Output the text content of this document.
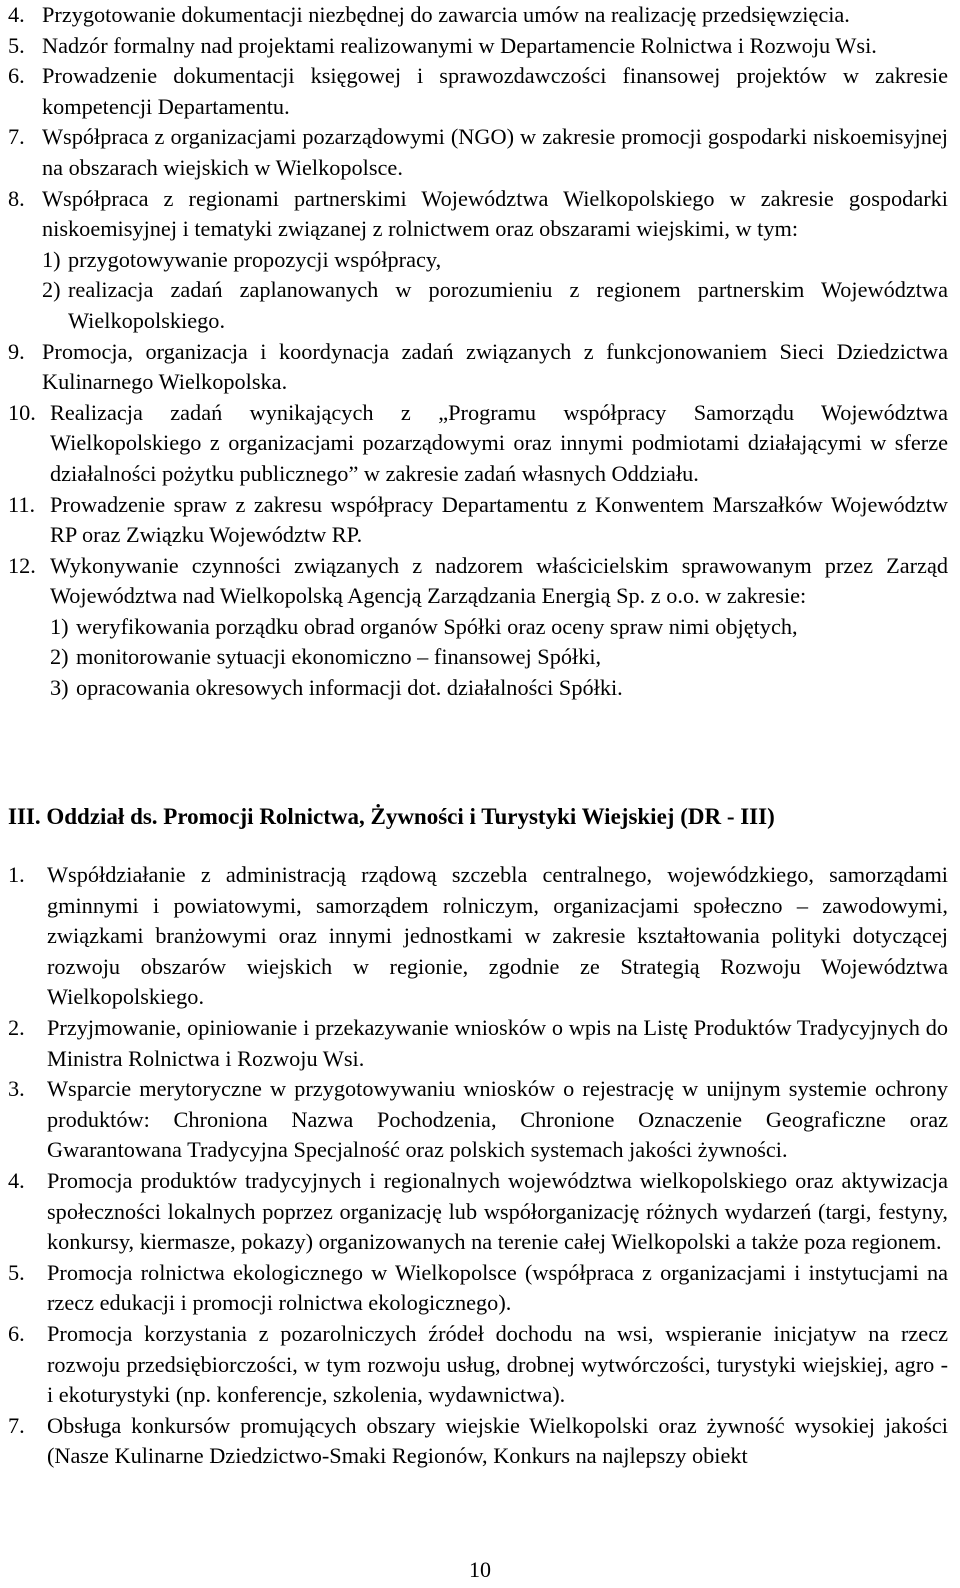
4. Przygotowanie dokumentacji niezbędnej do zawarcia umów na realizację przedsięwzięcia.
5. Nadzór formalny nad projektami realizowanymi w Departamencie Rolnictwa i Rozwoju Wsi.
6. Prowadzenie dokumentacji księgowej i sprawozdawczości finansowej projektów w zakresie kompetencji Departamentu.
7. Współpraca z organizacjami pozarządowymi (NGO) w zakresie promocji gospodarki niskoemisyjnej na obszarach wiejskich w Wielkopolsce.
8. Współpraca z regionami partnerskimi Województwa Wielkopolskiego w zakresie gospodarki niskoemisyjnej i tematyki związanej z rolnictwem oraz obszarami wiejskimi, w tym:
1) przygotowywanie propozycji współpracy,
2) realizacja zadań zaplanowanych w porozumieniu z regionem partnerskim Województwa Wielkopolskiego.
9. Promocja, organizacja i koordynacja zadań związanych z funkcjonowaniem Sieci Dziedzictwa Kulinarnego Wielkopolska.
10. Realizacja zadań wynikających z „Programu współpracy Samorządu Województwa Wielkopolskiego z organizacjami pozarządowymi oraz innymi podmiotami działającymi w sferze działalności pożytku publicznego” w zakresie zadań własnych Oddziału.
11. Prowadzenie spraw z zakresu współpracy Departamentu z Konwentem Marszałków Województw RP oraz Związku Województw RP.
12. Wykonywanie czynności związanych z nadzorem właścicielskim sprawowanym przez Zarząd Województwa nad Wielkopolską Agencją Zarządzania Energią Sp. z o.o. w zakresie:
1) weryfikowania porządku obrad organów Spółki oraz oceny spraw nimi objętych,
2) monitorowanie sytuacji ekonomiczno – finansowej Spółki,
3) opracowania okresowych informacji dot. działalności Spółki.
III. Oddział ds. Promocji Rolnictwa, Żywności i Turystyki Wiejskiej (DR - III)
1. Współdziałanie z administracją rządową szczebla centralnego, wojewódzkiego, samorządami gminnymi i powiatowymi, samorządem rolniczym, organizacjami społeczno – zawodowymi, związkami branżowymi oraz innymi jednostkami w zakresie kształtowania polityki dotyczącej rozwoju obszarów wiejskich w regionie, zgodnie ze Strategią Rozwoju Województwa Wielkopolskiego.
2. Przyjmowanie, opiniowanie i przekazywanie wniosków o wpis na Listę Produktów Tradycyjnych do Ministra Rolnictwa i Rozwoju Wsi.
3. Wsparcie merytoryczne w przygotowywaniu wniosków o rejestrację w unijnym systemie ochrony produktów: Chroniona Nazwa Pochodzenia, Chronione Oznaczenie Geograficzne oraz Gwarantowana Tradycyjna Specjalność oraz polskich systemach jakości żywności.
4. Promocja produktów tradycyjnych i regionalnych województwa wielkopolskiego oraz aktywizacja społeczności lokalnych poprzez organizację lub współorganizację różnych wydarzeń (targi, festyny, konkursy, kiermasze, pokazy) organizowanych na terenie całej Wielkopolski a także poza regionem.
5. Promocja rolnictwa ekologicznego w Wielkopolsce (współpraca z organizacjami i instytucjami na rzecz edukacji i promocji rolnictwa ekologicznego).
6. Promocja korzystania z pozarolniczych źródeł dochodu na wsi, wspieranie inicjatyw na rzecz rozwoju przedsiębiorczości, w tym rozwoju usług, drobnej wytwórczości, turystyki wiejskiej, agro - i ekoturystyki (np. konferencje, szkolenia, wydawnictwa).
7. Obsługa konkursów promujących obszary wiejskie Wielkopolski oraz żywność wysokiej jakości (Nasze Kulinarne Dziedzictwo-Smaki Regionów, Konkurs na najlepszy obiekt
10
